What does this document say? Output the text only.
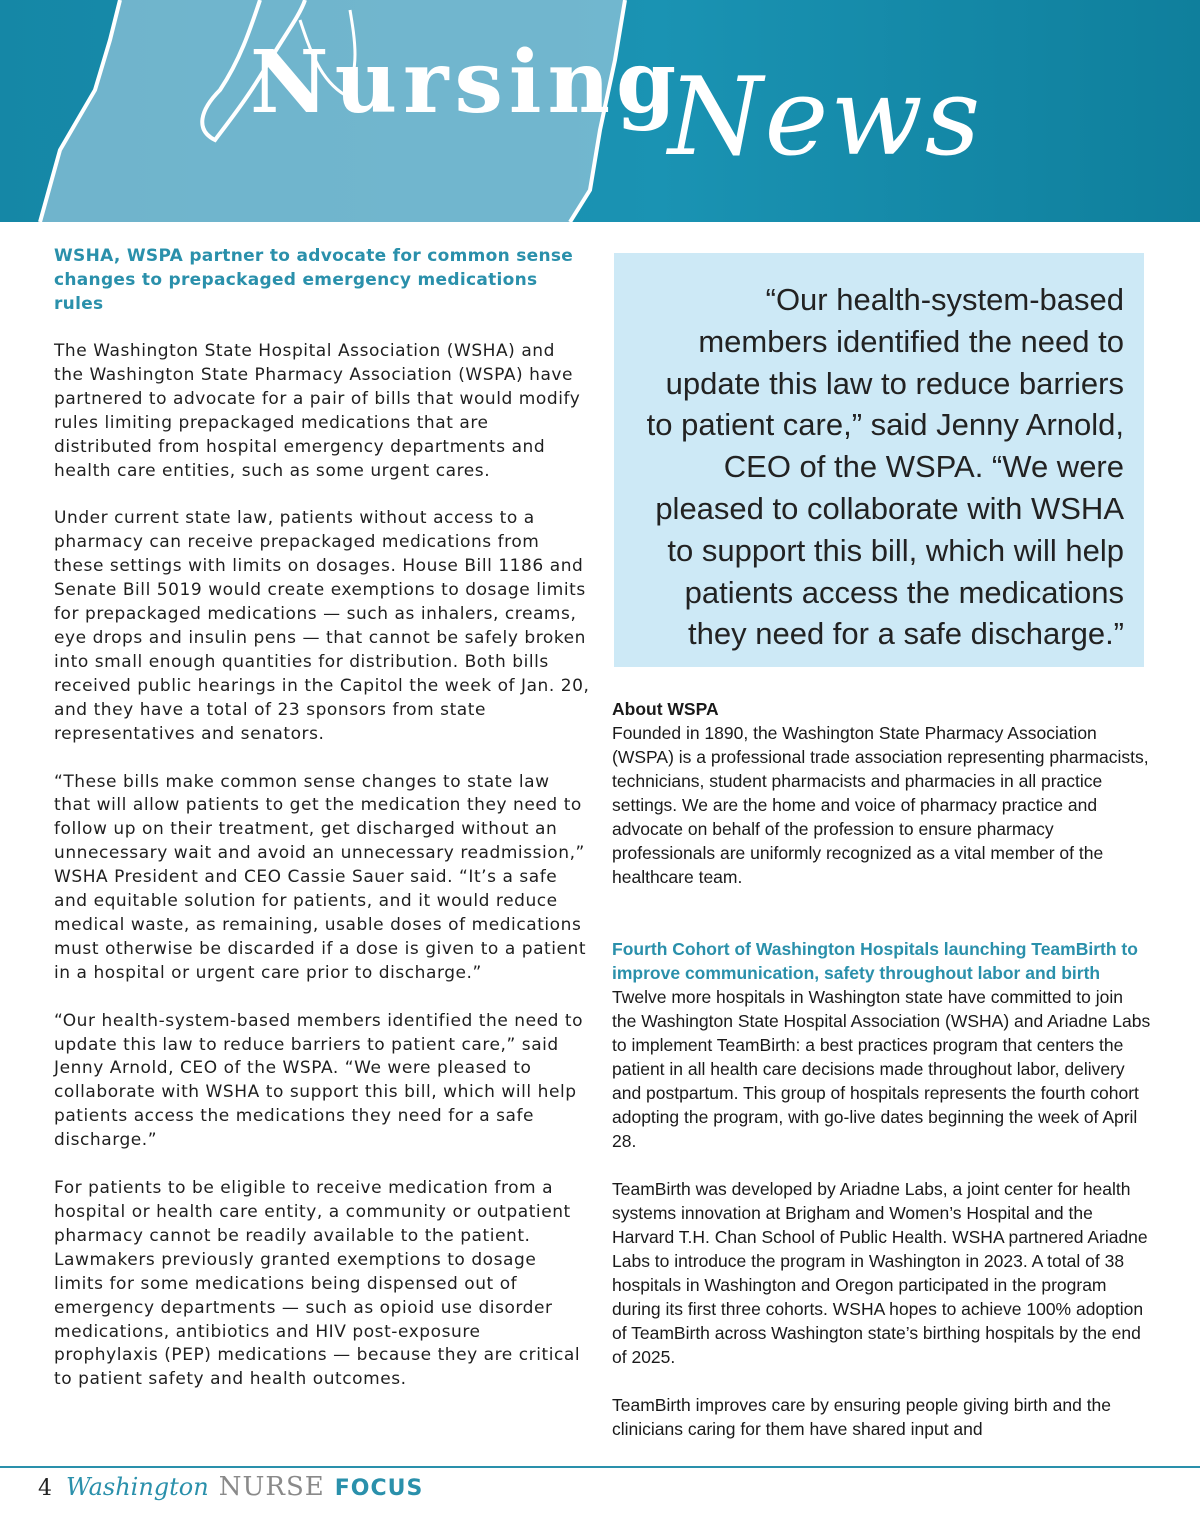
Nursing
News
WSHA, WSPA partner to advocate for common sense changes to prepackaged emergency medications rules

The Washington State Hospital Association (WSHA) and the Washington State Pharmacy Association (WSPA) have partnered to advocate for a pair of bills that would modify rules limiting prepackaged medications that are distributed from hospital emergency departments and health care entities, such as some urgent cares.

Under current state law, patients without access to a pharmacy can receive prepackaged medications from these settings with limits on dosages. House Bill 1186 and Senate Bill 5019 would create exemptions to dosage limits for prepackaged medications — such as inhalers, creams, eye drops and insulin pens — that cannot be safely broken into small enough quantities for distribution. Both bills received public hearings in the Capitol the week of Jan. 20, and they have a total of 23 sponsors from state representatives and senators.

“These bills make common sense changes to state law that will allow patients to get the medication they need to follow up on their treatment, get discharged without an unnecessary wait and avoid an unnecessary readmission,” WSHA President and CEO Cassie Sauer said. “It’s a safe and equitable solution for patients, and it would reduce medical waste, as remaining, usable doses of medications must otherwise be discarded if a dose is given to a patient in a hospital or urgent care prior to discharge.”

“Our health-system-based members identified the need to update this law to reduce barriers to patient care,” said Jenny Arnold, CEO of the WSPA. “We were pleased to collaborate with WSHA to support this bill, which will help patients access the medications they need for a safe discharge.”

For patients to be eligible to receive medication from a hospital or health care entity, a community or outpatient pharmacy cannot be readily available to the patient. Lawmakers previously granted exemptions to dosage limits for some medications being dispensed out of emergency departments — such as opioid use disorder medications, antibiotics and HIV post-exposure prophylaxis (PEP) medications — because they are critical to patient safety and health outcomes.

“Our health-system-based members identified the need to update this law to reduce barriers to patient care,” said Jenny Arnold, CEO of the WSPA. “We were pleased to collaborate with WSHA to support this bill, which will help patients access the medications they need for a safe discharge.”
About WSPA

Founded in 1890, the Washington State Pharmacy Association (WSPA) is a professional trade association representing pharmacists, technicians, student pharmacists and pharmacies in all practice settings. We are the home and voice of pharmacy practice and advocate on behalf of the profession to ensure pharmacy professionals are uniformly recognized as a vital member of the healthcare team.

Fourth Cohort of Washington Hospitals launching TeamBirth to improve communication, safety throughout labor and birth

Twelve more hospitals in Washington state have committed to join the Washington State Hospital Association (WSHA) and Ariadne Labs to implement TeamBirth: a best practices program that centers the patient in all health care decisions made throughout labor, delivery and postpartum. This group of hospitals represents the fourth cohort adopting the program, with go-live dates beginning the week of April 28.

TeamBirth was developed by Ariadne Labs, a joint center for health systems innovation at Brigham and Women’s Hospital and the Harvard T.H. Chan School of Public Health. WSHA partnered Ariadne Labs to introduce the program in Washington in 2023. A total of 38 hospitals in Washington and Oregon participated in the program during its first three cohorts. WSHA hopes to achieve 100% adoption of TeamBirth across Washington state’s birthing hospitals by the end of 2025.

TeamBirth improves care by ensuring people giving birth and the clinicians caring for them have shared input and

4 Washington NURSE FOCUS
